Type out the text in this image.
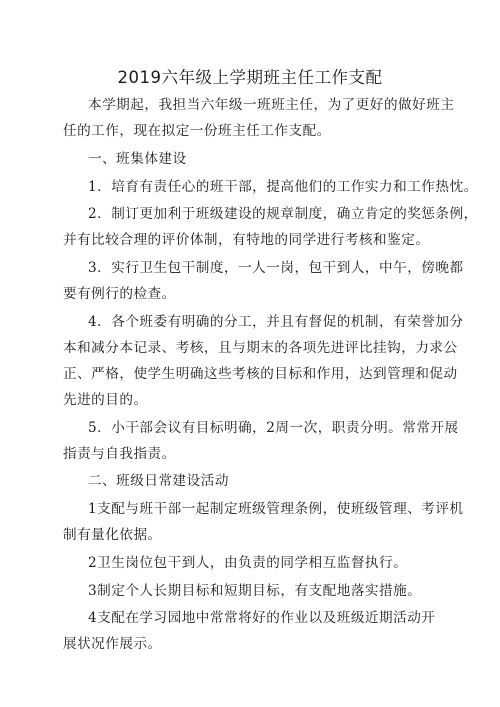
2019六年级上学期班主任工作支配
本学期起，我担当六年级一班班主任，为了更好的做好班主
任的工作，现在拟定一份班主任工作支配。
一、班集体建设
1．培育有责任心的班干部，提高他们的工作实力和工作热忱。
2．制订更加利于班级建设的规章制度，确立肯定的奖惩条例，
并有比较合理的评价体制，有特地的同学进行考核和鉴定。
3．实行卫生包干制度，一人一岗，包干到人，中午，傍晚都
要有例行的检查。
4．各个班委有明确的分工，并且有督促的机制，有荣誉加分
本和减分本记录、考核，且与期末的各项先进评比挂钩，力求公
正、严格，使学生明确这些考核的目标和作用，达到管理和促动
先进的目的。
5．小干部会议有目标明确，2周一次，职责分明。常常开展
指责与自我指责。
二、班级日常建设活动
1支配与班干部一起制定班级管理条例，使班级管理、考评机
制有量化依据。
2卫生岗位包干到人，由负责的同学相互监督执行。
3制定个人长期目标和短期目标，有支配地落实措施。
4支配在学习园地中常常将好的作业以及班级近期活动开
展状况作展示。
